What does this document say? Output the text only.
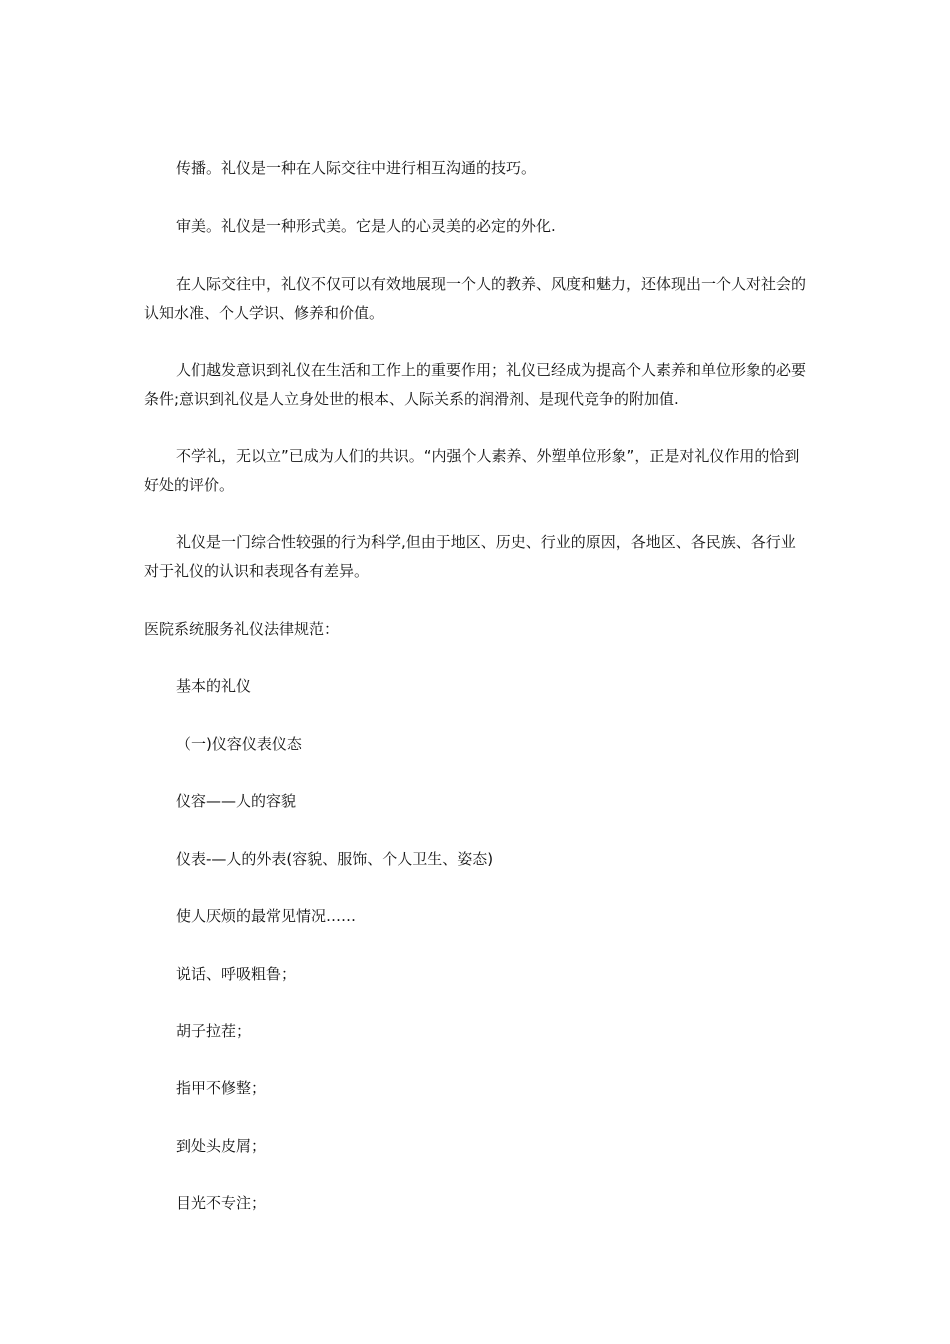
传播。礼仪是一种在人际交往中进行相互沟通的技巧。

审美。礼仪是一种形式美。它是人的心灵美的必定的外化.

在人际交往中，礼仪不仅可以有效地展现一个人的教养、风度和魅力，还体现出一个人对社会的认知水准、个人学识、修养和价值。

人们越发意识到礼仪在生活和工作上的重要作用；礼仪已经成为提高个人素养和单位形象的必要条件;意识到礼仪是人立身处世的根本、人际关系的润滑剂、是现代竞争的附加值.

不学礼，无以立”已成为人们的共识。“内强个人素养、外塑单位形象”，正是对礼仪作用的恰到好处的评价。

礼仪是一门综合性较强的行为科学,但由于地区、历史、行业的原因，各地区、各民族、各行业对于礼仪的认识和表现各有差异。

医院系统服务礼仪法律规范：

基本的礼仪

（一)仪容仪表仪态

仪容——人的容貌

仪表-—人的外表(容貌、服饰、个人卫生、姿态)

使人厌烦的最常见情况……

说话、呼吸粗鲁；

胡子拉茬；

指甲不修整；

到处头皮屑；

目光不专注；
